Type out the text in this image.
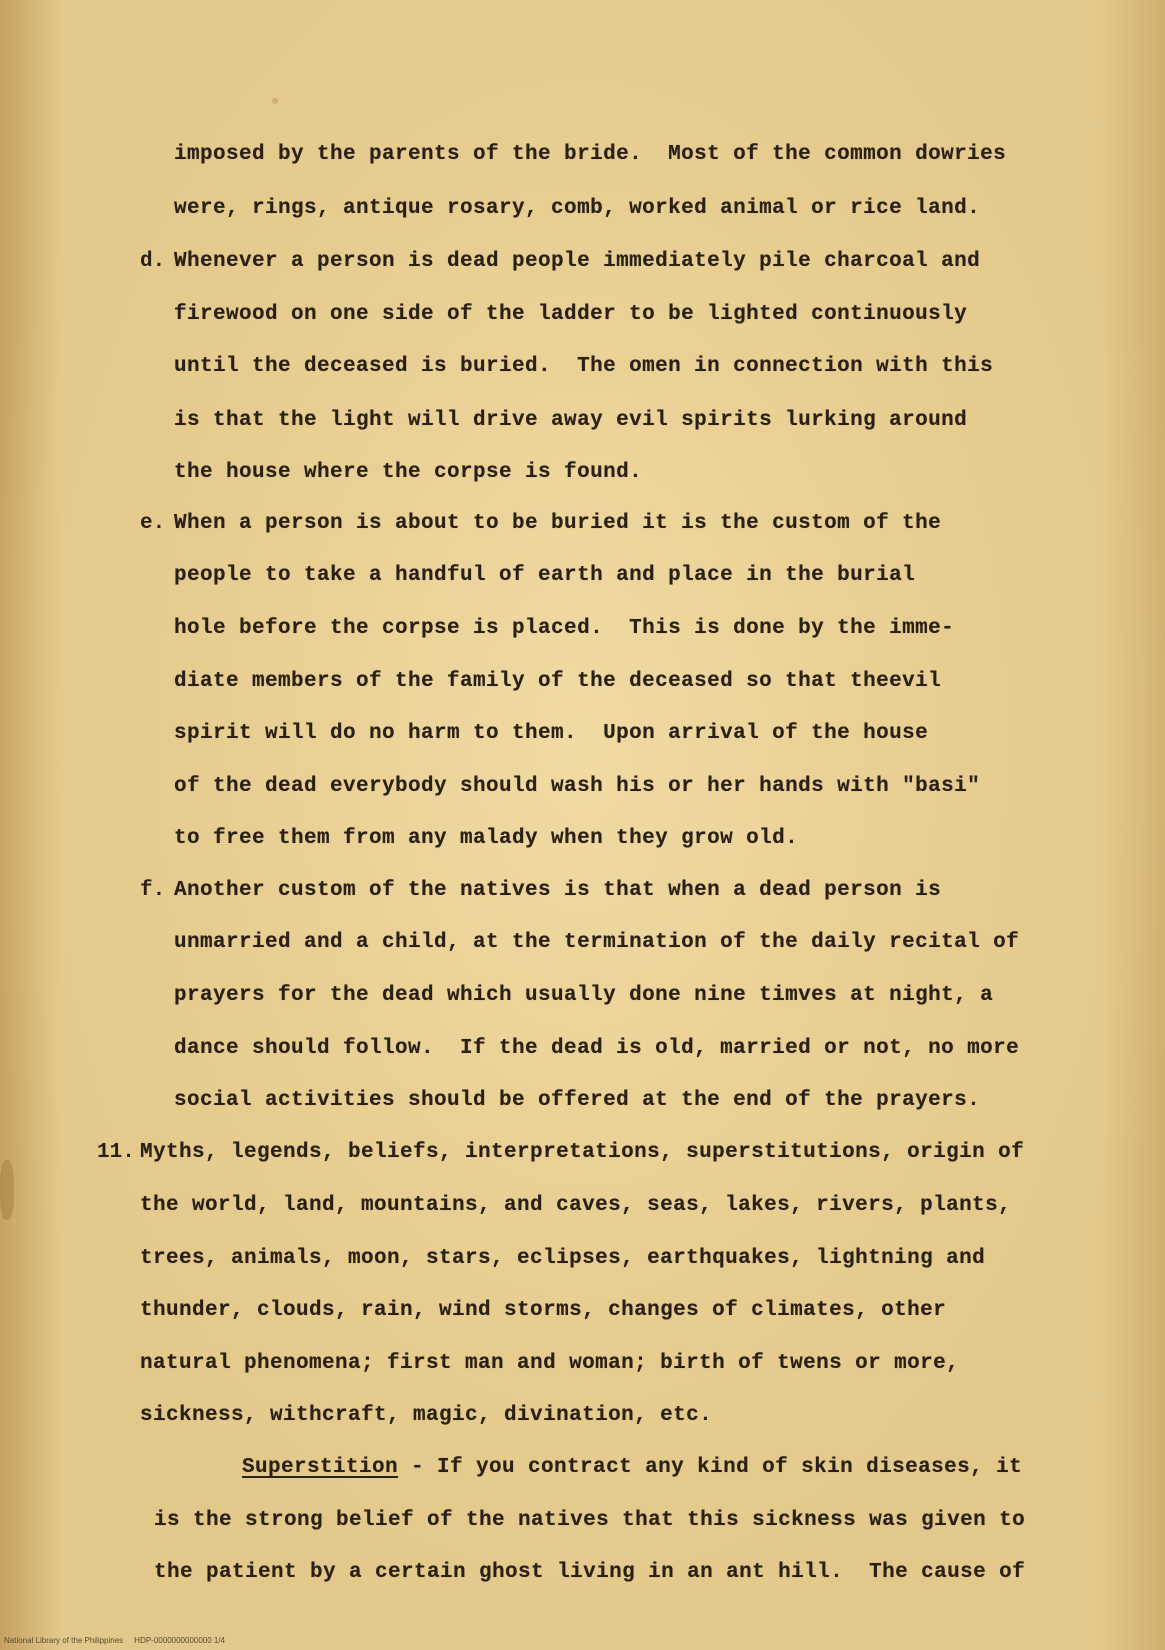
imposed by the parents of the bride.  Most of the common dowries
were, rings, antique rosary, comb, worked animal or rice land.
d. Whenever a person is dead people immediately pile charcoal and
firewood on one side of the ladder to be lighted continuously
until the deceased is buried.  The omen in connection with this
is that the light will drive away evil spirits lurking around
the house where the corpse is found.
e. When a person is about to be buried it is the custom of the
people to take a handful of earth and place in the burial
hole before the corpse is placed.  This is done by the imme-
diate members of the family of the deceased so that theevil
spirit will do no harm to them.  Upon arrival of the house
of the dead everybody should wash his or her hands with "basi"
to free them from any malady when they grow old.
f. Another custom of the natives is that when a dead person is
unmarried and a child, at the termination of the daily recital of
prayers for the dead which usually done nine timves at night, a
dance should follow.  If the dead is old, married or not, no more
social activities should be offered at the end of the prayers.
11. Myths, legends, beliefs, interpretations, superstitutions, origin of
the world, land, mountains, and caves, seas, lakes, rivers, plants,
trees, animals, moon, stars, eclipses, earthquakes, lightning and
thunder, clouds, rain, wind storms, changes of climates, other
natural phenomena; first man and woman; birth of twens or more,
sickness, withcraft, magic, divination, etc.
Superstition - If you contract any kind of skin diseases, it
is the strong belief of the natives that this sickness was given to
the patient by a certain ghost living in an ant hill.  The cause of
National Library of the Philippines     HDP-0000000000000 1/4
